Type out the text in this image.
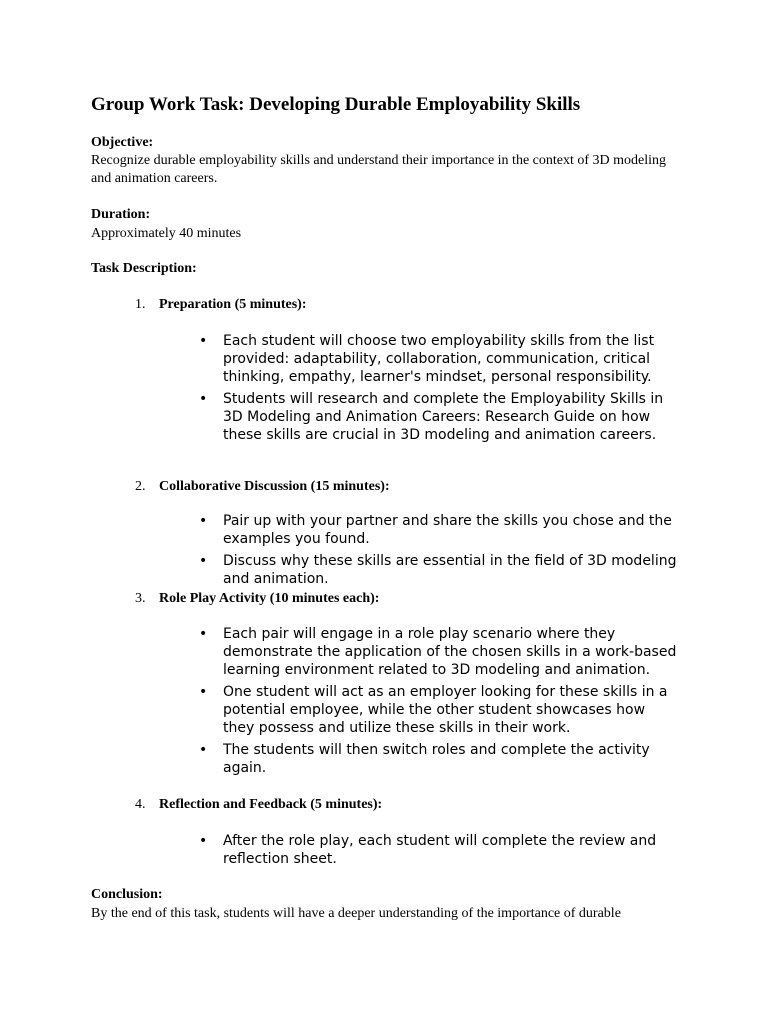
Group Work Task: Developing Durable Employability Skills
Objective:
Recognize durable employability skills and understand their importance in the context of 3D modeling and animation careers.
Duration:
Approximately 40 minutes
Task Description:
1. Preparation (5 minutes):
• Each student will choose two employability skills from the list provided: adaptability, collaboration, communication, critical thinking, empathy, learner's mindset, personal responsibility.
• Students will research and complete the Employability Skills in 3D Modeling and Animation Careers: Research Guide on how these skills are crucial in 3D modeling and animation careers.
2. Collaborative Discussion (15 minutes):
• Pair up with your partner and share the skills you chose and the examples you found.
• Discuss why these skills are essential in the field of 3D modeling and animation.
3. Role Play Activity (10 minutes each):
• Each pair will engage in a role play scenario where they demonstrate the application of the chosen skills in a work-based learning environment related to 3D modeling and animation.
• One student will act as an employer looking for these skills in a potential employee, while the other student showcases how they possess and utilize these skills in their work.
• The students will then switch roles and complete the activity again.
4. Reflection and Feedback (5 minutes):
• After the role play, each student will complete the review and reflection sheet.
Conclusion:
By the end of this task, students will have a deeper understanding of the importance of durable
